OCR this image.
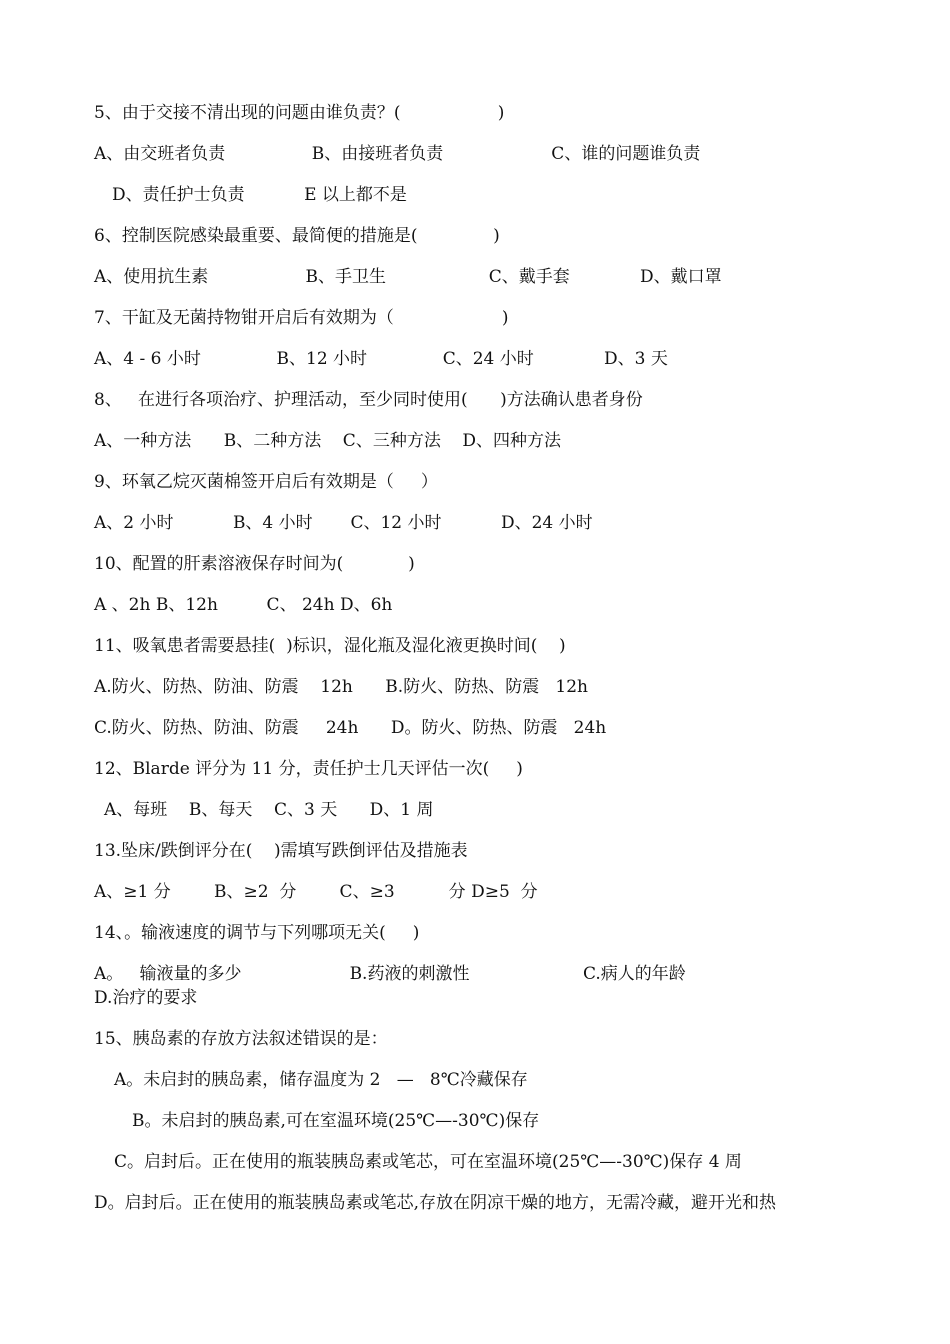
5、由于交接不清出现的问题由谁负责？(                  )
A、由交班者负责                B、由接班者负责                    C、谁的问题谁负责
D、责任护士负责           E 以上都不是
6、控制医院感染最重要、最简便的措施是(              )
A、使用抗生素                  B、手卫生                   C、戴手套             D、戴口罩
7、干缸及无菌持物钳开启后有效期为（                    )
A、4 - 6 小时              B、12 小时              C、24 小时             D、3 天
8、   在进行各项治疗、护理活动，至少同时使用(      )方法确认患者身份
A、一种方法      B、二种方法    C、三种方法    D、四种方法
9、环氧乙烷灭菌棉签开启后有效期是（     ）
A、2 小时           B、4 小时       C、12 小时           D、24 小时
10、配置的肝素溶液保存时间为(            )
A 、2h B、12h         C、 24h D、6h
11、吸氧患者需要悬挂(  )标识，湿化瓶及湿化液更换时间(    )
A.防火、防热、防油、防震    12h      B.防火、防热、防震   12h
C.防火、防热、防油、防震     24h      D。防火、防热、防震   24h
12、Blarde 评分为 11 分，责任护士几天评估一次(     )
A、每班    B、每天    C、3 天      D、1 周
13.坠床/跌倒评分在(    )需填写跌倒评估及措施表
A、≥1 分        B、≥2  分        C、≥3          分 D≥5  分
14、。输液速度的调节与下列哪项无关(     )
A。   输液量的多少                    B.药液的刺激性                     C.病人的年龄
D.治疗的要求
15、胰岛素的存放方法叙述错误的是：
A。未启封的胰岛素，储存温度为 2   —   8℃冷藏保存
B。未启封的胰岛素,可在室温环境(25℃—-30℃)保存
C。启封后。正在使用的瓶装胰岛素或笔芯，可在室温环境(25℃—-30℃)保存 4 周
D。启封后。正在使用的瓶装胰岛素或笔芯,存放在阴凉干燥的地方，无需冷藏，避开光和热
